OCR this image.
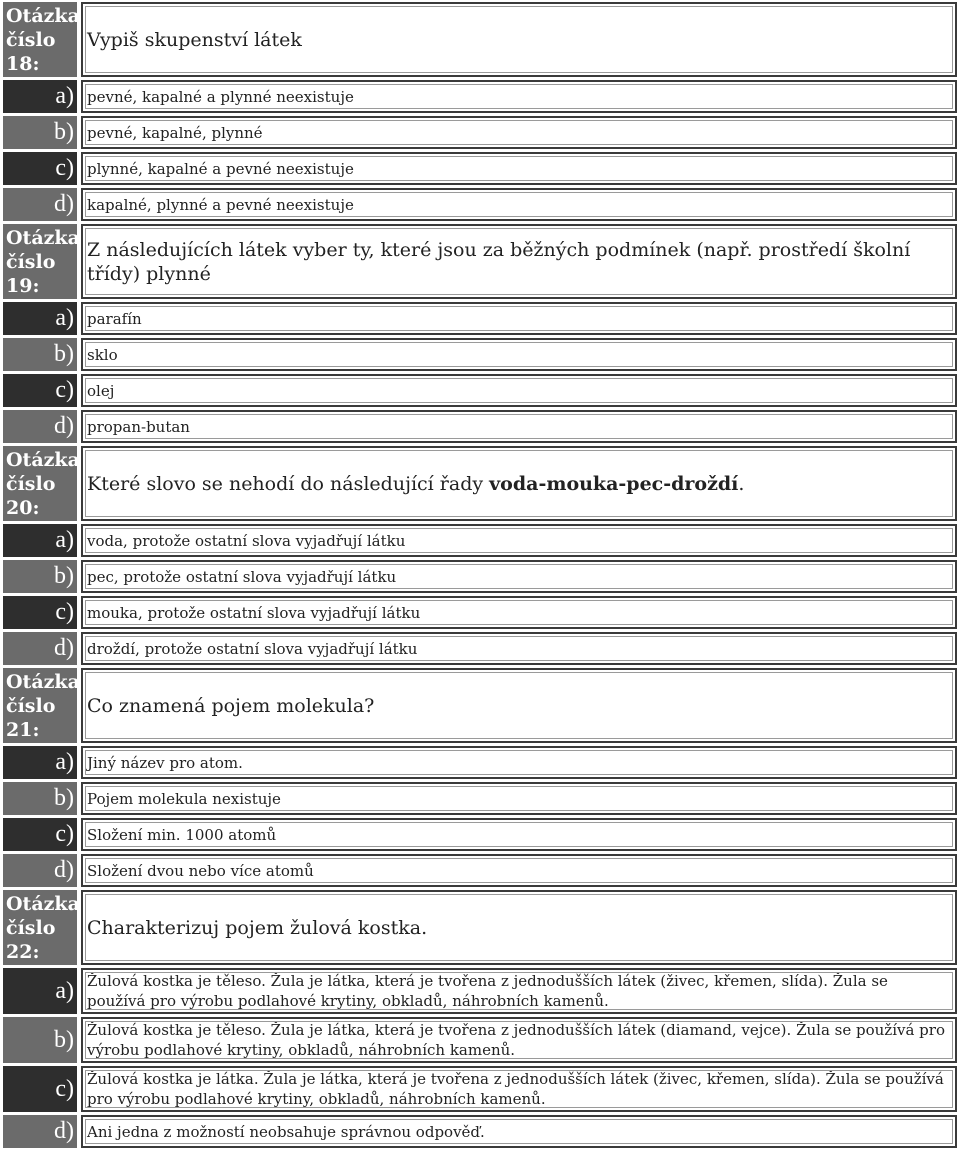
Otázka číslo 18:
Vypiš skupenství látek
a) pevné, kapalné a plynné neexistuje
b) pevné, kapalné, plynné
c) plynné, kapalné a pevné neexistuje
d) kapalné, plynné a pevné neexistuje
Otázka číslo 19:
Z následujících látek vyber ty, které jsou za běžných podmínek (např. prostředí školní třídy) plynné
a) parafín
b) sklo
c) olej
d) propan-butan
Otázka číslo 20:
Které slovo se nehodí do následující řady voda-mouka-pec-droždí .
a) voda, protože ostatní slova vyjadřují látku
b) pec, protože ostatní slova vyjadřují látku
c) mouka, protože ostatní slova vyjadřují látku
d) droždí, protože ostatní slova vyjadřují látku
Otázka číslo 21:
Co znamená pojem molekula?
a) Jiný název pro atom.
b) Pojem molekula nexistuje
c) Složení min. 1000 atomů
d) Složení dvou nebo více atomů
Otázka číslo 22:
Charakterizuj pojem žulová kostka.
a) Žulová kostka je těleso. Žula je látka, která je tvořena z jednodušších látek (živec, křemen, slída). Žula se používá pro výrobu podlahové krytiny, obkladů, náhrobních kamenů.
b) Žulová kostka je těleso. Žula je látka, která je tvořena z jednodušších látek (diamand, vejce). Žula se používá pro výrobu podlahové krytiny, obkladů, náhrobních kamenů.
c) Žulová kostka je látka. Žula je látka, která je tvořena z jednodušších látek (živec, křemen, slída). Žula se používá pro výrobu podlahové krytiny, obkladů, náhrobních kamenů.
d) Ani jedna z možností neobsahuje správnou odpověď.
